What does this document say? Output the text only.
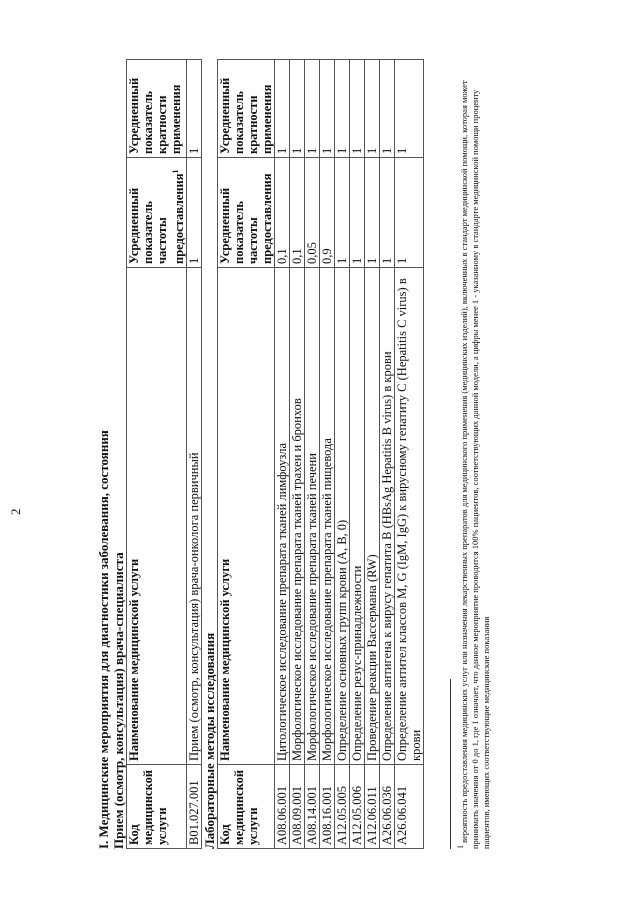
2	I. Медицинские мероприятия для диагностики заболевания, состояния Прием (осмотр, консультация) врача-специалиста Код медицинской услуги	Наименование медицинской услуги	Усредненный показатель частоты предоставления$^1$	Усредненный показатель кратности применения
B01.027.001	Прием (осмотр, консультация) врача-онколога первичный	1	1
Лабораторные методы исследования Код медицинской услуги	Наименование медицинской услуги	Усредненный показатель частоты предоставления	Усредненный показатель кратности применения
A08.06.001	Цитологическое исследование препарата тканей лимфоузла	0,1	1
A08.09.001	Морфологическое исследование препарата тканей трахеи и бронхов	0,1	1
A08.14.001	Морфологическое исследование препарата тканей печени	0,05	1
A08.16.001	Морфологическое исследование препарата тканей пищевода	0,9	1
A12.05.005	Определение основных групп крови (A, B, 0)	1	1
A12.05.006	Определение резус-принадлежности	1	1
A12.06.011	Проведение реакции Вассермана (RW)	1	1
A26.06.036	Определение антигена к вирусу гепатита B (HBsAg Hepatitis B virus) в крови	1	1
A26.06.041	Определение антител классов M, G (IgM, IgG) к вирусному гепатиту C (Hepatitis C virus) в крови	1	1
$^1$ вероятность предоставления медицинских услуг или назначения лекарственных препаратов для медицинского применения (медицинских изделий), включенных в стандарт медицинской помощи, которая может принимать значения от 0 до 1, где 1 означает, что данное мероприятие проводится 100% пациентов, соответствующих данной модели, а цифры менее 1 - указанному в стандарте медицинской помощи проценту пациентов, имеющих соответствующие медицинские показания
